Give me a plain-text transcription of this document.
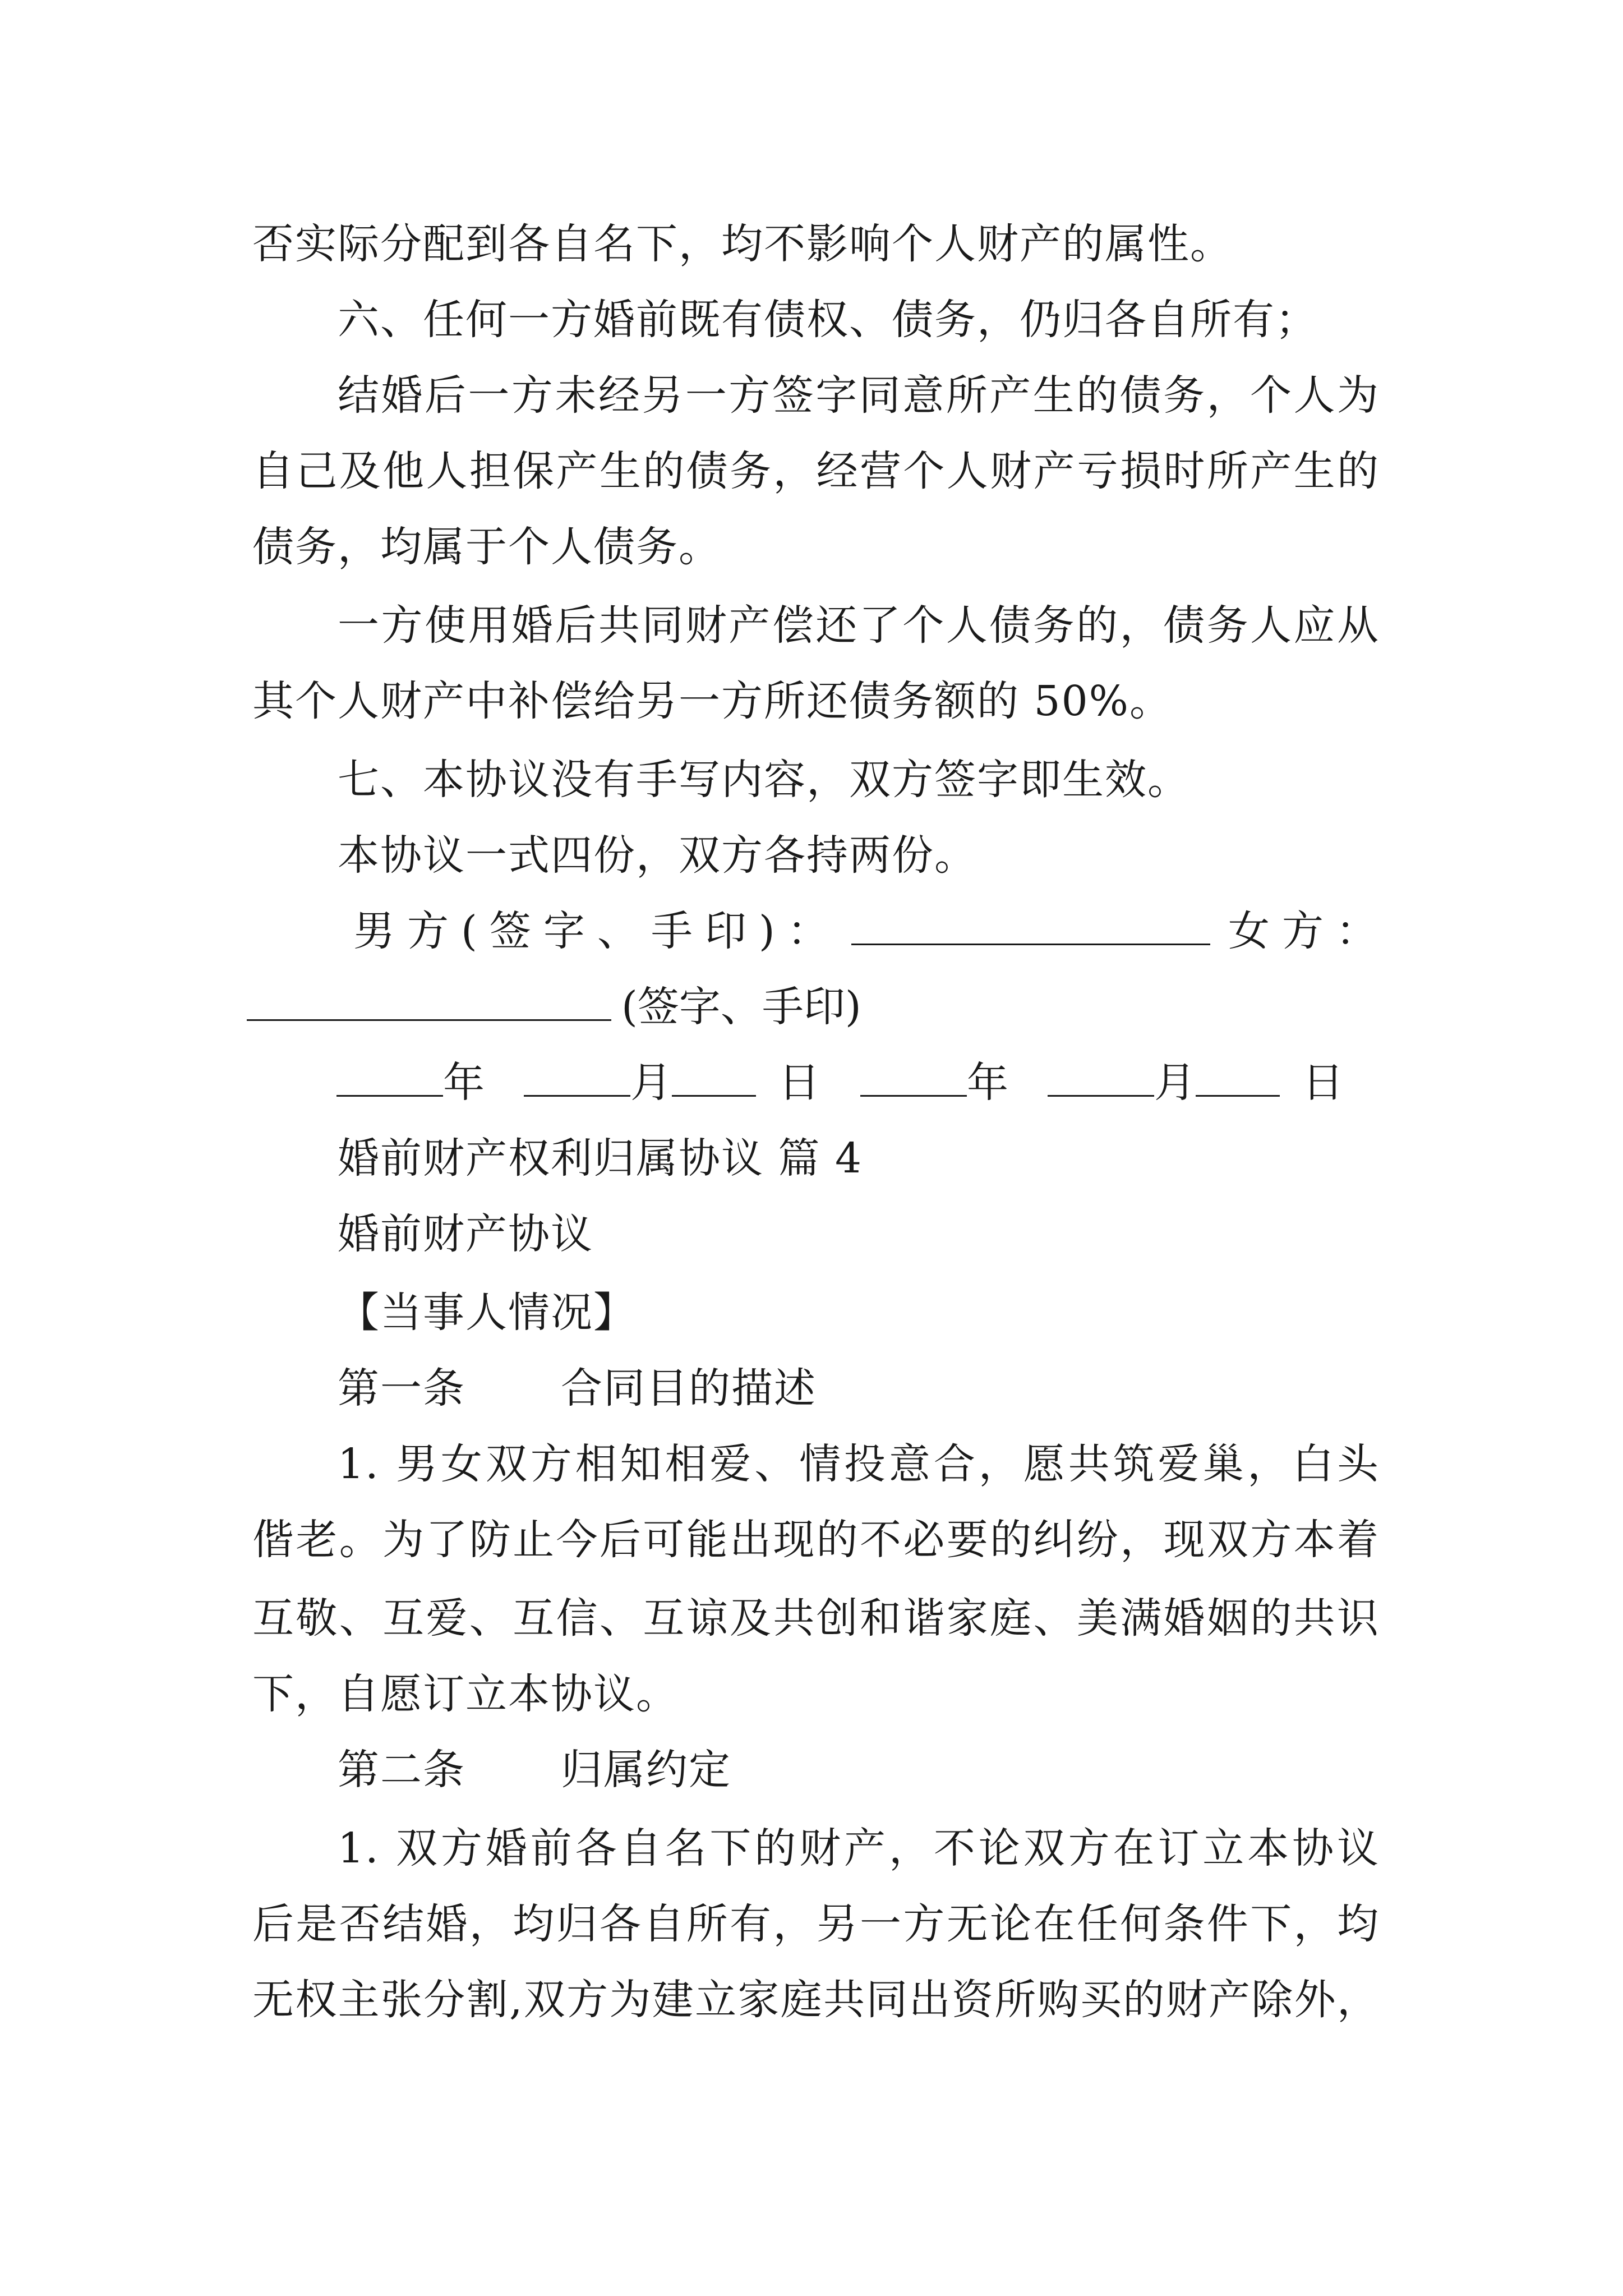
否实际分配到各自名下，均不影响个人财产的属性。
六、任何一方婚前既有债权、债务，仍归各自所有；
结婚后一方未经另一方签字同意所产生的债务，个人为
自己及他人担保产生的债务，经营个人财产亏损时所产生的
债务，均属于个人债务。
一方使用婚后共同财产偿还了个人债务的，债务人应从
其个人财产中补偿给另一方所还债务额的 50%。
七、本协议没有手写内容，双方签字即生效。
本协议一式四份，双方各持两份。
男方(签字、手印)：	女方：
(签字、手印)
年	月	日	年	月	日
婚前财产权利归属协议 篇 4
婚前财产协议
【当事人情况】
第一条 合同目的描述
1. 男女双方相知相爱、情投意合，愿共筑爱巢，白头
偕老。为了防止今后可能出现的不必要的纠纷，现双方本着
互敬、互爱、互信、互谅及共创和谐家庭、美满婚姻的共识
下，自愿订立本协议。
第二条 归属约定
1. 双方婚前各自名下的财产，不论双方在订立本协议
后是否结婚，均归各自所有，另一方无论在任何条件下，均
无权主张分割,双方为建立家庭共同出资所购买的财产除外，
